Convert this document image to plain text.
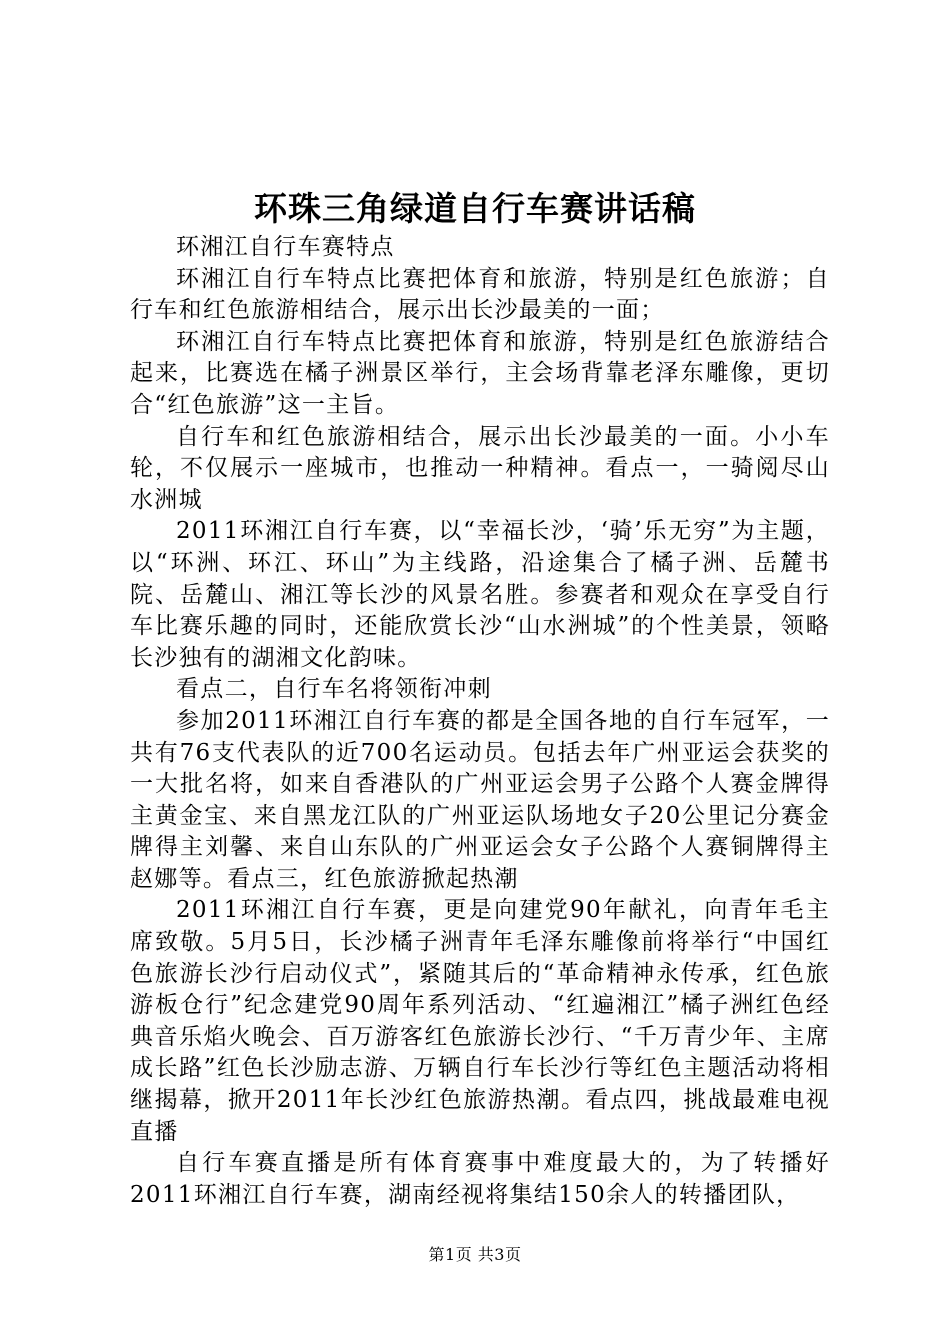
环珠三角绿道自行车赛讲话稿

环湘江自行车赛特点

环湘江自行车特点比赛把体育和旅游，特别是红色旅游；自行车和红色旅游相结合，展示出长沙最美的一面；

环湘江自行车特点比赛把体育和旅游，特别是红色旅游结合起来，比赛选在橘子洲景区举行，主会场背靠老泽东雕像，更切合“红色旅游”这一主旨。

自行车和红色旅游相结合，展示出长沙最美的一面。小小车轮，不仅展示一座城市，也推动一种精神。看点一，一骑阅尽山水洲城

2011环湘江自行车赛，以“幸福长沙，‘骑’乐无穷”为主题，以“环洲、环江、环山”为主线路，沿途集合了橘子洲、岳麓书院、岳麓山、湘江等长沙的风景名胜。参赛者和观众在享受自行车比赛乐趣的同时，还能欣赏长沙“山水洲城”的个性美景，领略长沙独有的湖湘文化韵味。

看点二，自行车名将领衔冲刺

参加2011环湘江自行车赛的都是全国各地的自行车冠军，一共有76支代表队的近700名运动员。包括去年广州亚运会获奖的一大批名将，如来自香港队的广州亚运会男子公路个人赛金牌得主黄金宝、来自黑龙江队的广州亚运队场地女子20公里记分赛金牌得主刘馨、来自山东队的广州亚运会女子公路个人赛铜牌得主赵娜等。看点三，红色旅游掀起热潮

2011环湘江自行车赛，更是向建党90年献礼，向青年毛主席致敬。5月5日，长沙橘子洲青年毛泽东雕像前将举行“中国红色旅游长沙行启动仪式”，紧随其后的“革命精神永传承，红色旅游板仓行”纪念建党90周年系列活动、“红遍湘江”橘子洲红色经典音乐焰火晚会、百万游客红色旅游长沙行、“千万青少年、主席成长路”红色长沙励志游、万辆自行车长沙行等红色主题活动将相继揭幕，掀开2011年长沙红色旅游热潮。看点四，挑战最难电视直播

自行车赛直播是所有体育赛事中难度最大的，为了转播好2011环湘江自行车赛，湖南经视将集结150余人的转播团队，

第1页 共3页
